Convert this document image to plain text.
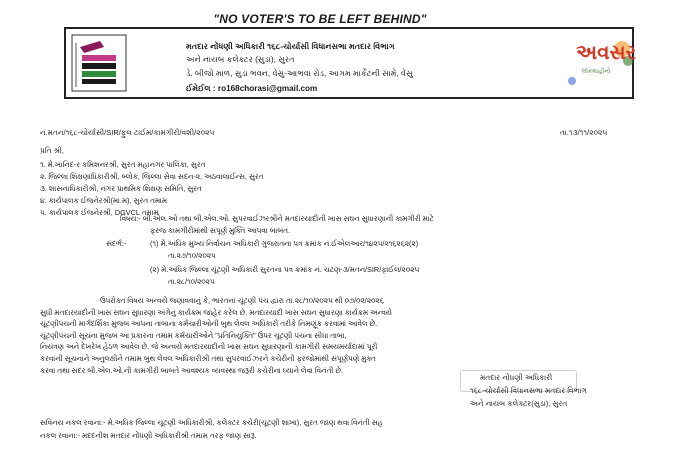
"NO VOTER'S TO BE LEFT BEHIND"
મતદાર નોંધણી અધિકારી ૧૬૮-ચોર્યાસી વિધાનસભા મતદાર વિભાગ
અને નાયબ કલેક્ટર (સુડા), સુરત
ડે. બીજો માળ, સુડા ભવન, વેસુ-આભવા રોડ, આગમ માર્કેટની સામે, વેસુ
ઈમેઈલ : ro168chorasi@gmail.com
અવસર
લોકશાહીનો
નં.મતન/૧૬૮-ચોર્યાસી/SIR/ફુલ ટાઈમ/કામગીરી/વશી/૨૦૨૫	તા.૧૩/૧૧/૨૦૨૫
પ્રતિ શ્રી,
૧. મે.ખાનિદ-ર કમિશનરશ્રી, સુરત મહાનગર પાલિકા, સુરત
૨. જિલ્લા શિક્ષણાધિકારીશ્રી, બ્લોક, જિલ્લા સેવા સદન-૨, અઠવાલાઈન્સ, સુરત
૩. શાસનાધિકારીશ્રી, નગર પ્રાથમિક શિક્ષણ સમિતિ, સુરત
૪. કાર્યપાલક ઈજનેરશ્રી(મા.મ), સુરત તમામ
૫. કાર્યપાલક ઈજનેરશ્રી, DGVCL તમામ
વિષય:- બી.એલ.ઓ તથા બી.એલ.ઓ. સુપરવાઈઝરશ્રીને મતદારયાદીની ખાસ સઘન સુધારણાની કામગીરી માટે
ફરજ કામગીરીમાંથી સંપૂર્ણ મુક્તિ આપવા બાબત.
સંદર્ભ:-	(૧) મે.અધિક મુખ્ય નિર્વાચન અધિકારી ગુજરાતના પત્ર ક્રમાંક નં.ઈએલઆર/૧૪૨૫/૨૧૬૨૬૨(૨)
તા.૨૭/૧૦/૨૦૨૫
(૨) મે.અધિક જિલ્લા ચૂંટણી અધિકારી સુરતના પત્ર ક્રમાંક નં. ચટણ-૩/મતન/SIR/ફાઈલ/૨૦૨૫
તા.૨૮/૧૦/૨૦૨૫
ઉપરોક્ત વિષય અન્વયે જણાવવાનું કે, ભારતના ચૂંટણી પંચ દ્વારા તા.૨૮/૧૦/૨૦૨૫ થી ૦૭/૦૨/૨૦૨૬
સુધી મતદારયાદીની ખાસ સઘન સુધારણા અંગેનું કાર્યક્રમ જાહેર કરેલ છે. મતદારયાદી ખાસ સઘન સુધારણા કાર્યક્રમ અન્વયે
ચૂંટણીપંચની માર્ગદર્શિકા મુજબ આપના તાબાના કર્મચારીઓની બુથ લેવલ અધિકારી તરીકે નિમણૂંક કરવામાં આવેલ છે.
ચૂંટણીપંચની સૂચના મુજબ આ પ્રકારના તમામ કર્મચારીઓને "પ્રતિનિયુક્તિ" ઉપર ચૂંટણી પંચના સીધા તાબા,
નિયંત્રણ અને દેખરેખ હેઠળ આવેલ છે. જે અન્વયે મતદારયાદીની ખાસ સઘન સુધારણાની કામગીરી સમયમર્યાદામાં પૂરી
કરવાની સૂચનાને અનુલક્ષીને તમામ બુથ લેવલ અધિકારીશ્રી તથા સુપરવાઈઝરને કચેરીની ફરજોમાંથી સંપૂર્ણપણે મુક્ત
કરવા તથા સદર બી.એલ.ઓ.ની કામગીરી બાબતે આવશ્યક વ્યવસ્થા જરૂરી કચેરીના ધ્યાને લેવા વિનંતી છે.
મતદાર નોંધણી અધિકારી
૧૬૮-ચોર્યાસી વિધાનસભા મતદાર વિભાગ
અને નાયબ કલેક્ટર(સુડા), સુરત
સવિનય નકલ રવાના:- મે.અધિક જિલ્લા ચૂંટણી અધિકારીશ્રી, કલેક્ટર કચેરી(ચૂંટણી શાખા), સુરત જાણ થવા વિનંતી સહ
નકલ રવાના:- મદદનીશ મતદાર નોંધણી અધિકારીશ્રી તમામ તરફ જાણ સારૂ.
